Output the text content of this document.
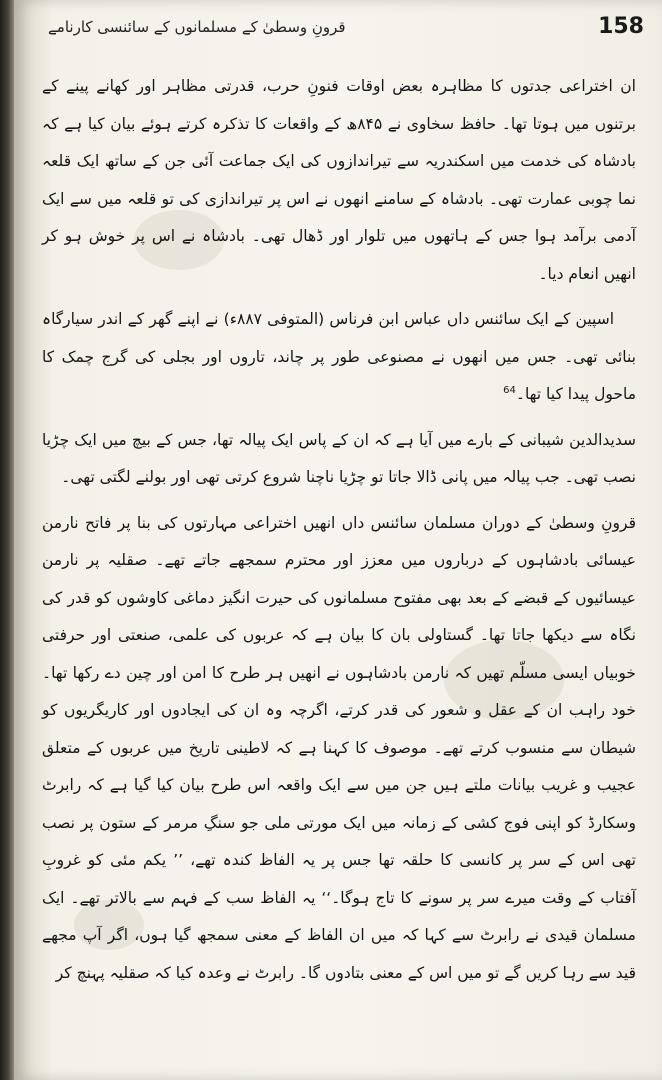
158
قرونِ وسطیٰ کے مسلمانوں کے سائنسی کارنامے

ان اختراعی جدتوں کا مظاہرہ بعض اوقات فنونِ حرب، قدرتی مظاہر اور کھانے پینے کے برتنوں میں ہوتا تھا۔ حافظ سخاوی نے ۸۴۵ھ کے واقعات کا تذکرہ کرتے ہوئے بیان کیا ہے کہ بادشاہ کی خدمت میں اسکندریہ سے تیراندازوں کی ایک جماعت آئی جن کے ساتھ ایک قلعہ نما چوبی عمارت تھی۔ بادشاہ کے سامنے انھوں نے اس پر تیراندازی کی تو قلعہ میں سے ایک آدمی برآمد ہوا جس کے ہاتھوں میں تلوار اور ڈھال تھی۔ بادشاہ نے اس پر خوش ہو کر انھیں انعام دیا۔

اسپین کے ایک سائنس داں عباس ابن فرناس (المتوفی ۸۸۷ء) نے اپنے گھر کے اندر سیارگاہ بنائی تھی۔ جس میں انھوں نے مصنوعی طور پر چاند، تاروں اور بجلی کی گرج چمک کا ماحول پیدا کیا تھا۔$^{64}$

سدیدالدین شیبانی کے بارے میں آیا ہے کہ ان کے پاس ایک پیالہ تھا، جس کے بیچ میں ایک چڑیا نصب تھی۔ جب پیالہ میں پانی ڈالا جاتا تو چڑیا ناچنا شروع کرتی تھی اور بولنے لگتی تھی۔

قرونِ وسطیٰ کے دوران مسلمان سائنس داں انھیں اختراعی مہارتوں کی بنا پر فاتح نارمن عیسائی بادشاہوں کے درباروں میں معزز اور محترم سمجھے جاتے تھے۔ صقلیہ پر نارمن عیسائیوں کے قبضے کے بعد بھی مفتوح مسلمانوں کی حیرت انگیز دماغی کاوشوں کو قدر کی نگاہ سے دیکھا جاتا تھا۔ گستاولی بان کا بیان ہے کہ عربوں کی علمی، صنعتی اور حرفتی خوبیاں ایسی مسلّم تھیں کہ نارمن بادشاہوں نے انھیں ہر طرح کا امن اور چین دے رکھا تھا۔ خود راہب ان کے عقل و شعور کی قدر کرتے، اگرچہ وہ ان کی ایجادوں اور کاریگریوں کو شیطان سے منسوب کرتے تھے۔ موصوف کا کہنا ہے کہ لاطینی تاریخ میں عربوں کے متعلق عجیب و غریب بیانات ملتے ہیں جن میں سے ایک واقعہ اس طرح بیان کیا گیا ہے کہ رابرٹ وسکارڈ کو اپنی فوج کشی کے زمانہ میں ایک مورتی ملی جو سنگِ مرمر کے ستون پر نصب تھی اس کے سر پر کانسی کا حلقہ تھا جس پر یہ الفاظ کندہ تھے، ’’ یکم مئی کو غروبِ آفتاب کے وقت میرے سر پر سونے کا تاج ہوگا۔‘‘ یہ الفاظ سب کے فہم سے بالاتر تھے۔ ایک مسلمان قیدی نے رابرٹ سے کہا کہ میں ان الفاظ کے معنی سمجھ گیا ہوں، اگر آپ مجھے قید سے رہا کریں گے تو میں اس کے معنی بتادوں گا۔ رابرٹ نے وعدہ کیا کہ صقلیہ پہنچ کر
